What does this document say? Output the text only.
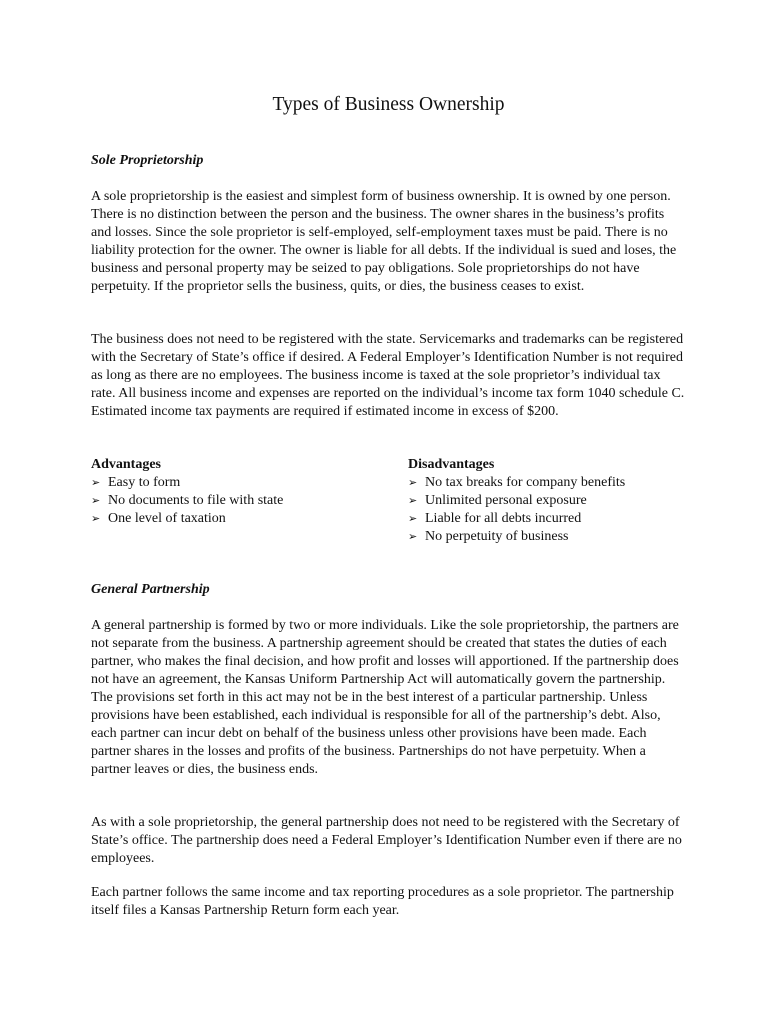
Types of Business Ownership
Sole Proprietorship

A sole proprietorship is the easiest and simplest form of business ownership. It is owned by one person. There is no distinction between the person and the business. The owner shares in the business’s profits and losses. Since the sole proprietor is self-employed, self-employment taxes must be paid. There is no liability protection for the owner. The owner is liable for all debts. If the individual is sued and loses, the business and personal property may be seized to pay obligations. Sole proprietorships do not have perpetuity. If the proprietor sells the business, quits, or dies, the business ceases to exist.

The business does not need to be registered with the state. Servicemarks and trademarks can be registered with the Secretary of State’s office if desired. A Federal Employer’s Identification Number is not required as long as there are no employees. The business income is taxed at the sole proprietor’s individual tax rate. All business income and expenses are reported on the individual’s income tax form 1040 schedule C. Estimated income tax payments are required if estimated income in excess of $200.

Advantages

➢ Easy to form
➢ No documents to file with state
➢ One level of taxation

Disadvantages

➢ No tax breaks for company benefits
➢ Unlimited personal exposure
➢ Liable for all debts incurred
➢ No perpetuity of business
General Partnership

A general partnership is formed by two or more individuals. Like the sole proprietorship, the partners are not separate from the business. A partnership agreement should be created that states the duties of each partner, who makes the final decision, and how profit and losses will apportioned. If the partnership does not have an agreement, the Kansas Uniform Partnership Act will automatically govern the partnership. The provisions set forth in this act may not be in the best interest of a particular partnership. Unless provisions have been established, each individual is responsible for all of the partnership’s debt. Also, each partner can incur debt on behalf of the business unless other provisions have been made. Each partner shares in the losses and profits of the business. Partnerships do not have perpetuity. When a partner leaves or dies, the business ends.

As with a sole proprietorship, the general partnership does not need to be registered with the Secretary of State’s office. The partnership does need a Federal Employer’s Identification Number even if there are no employees.

Each partner follows the same income and tax reporting procedures as a sole proprietor. The partnership itself files a Kansas Partnership Return form each year.
